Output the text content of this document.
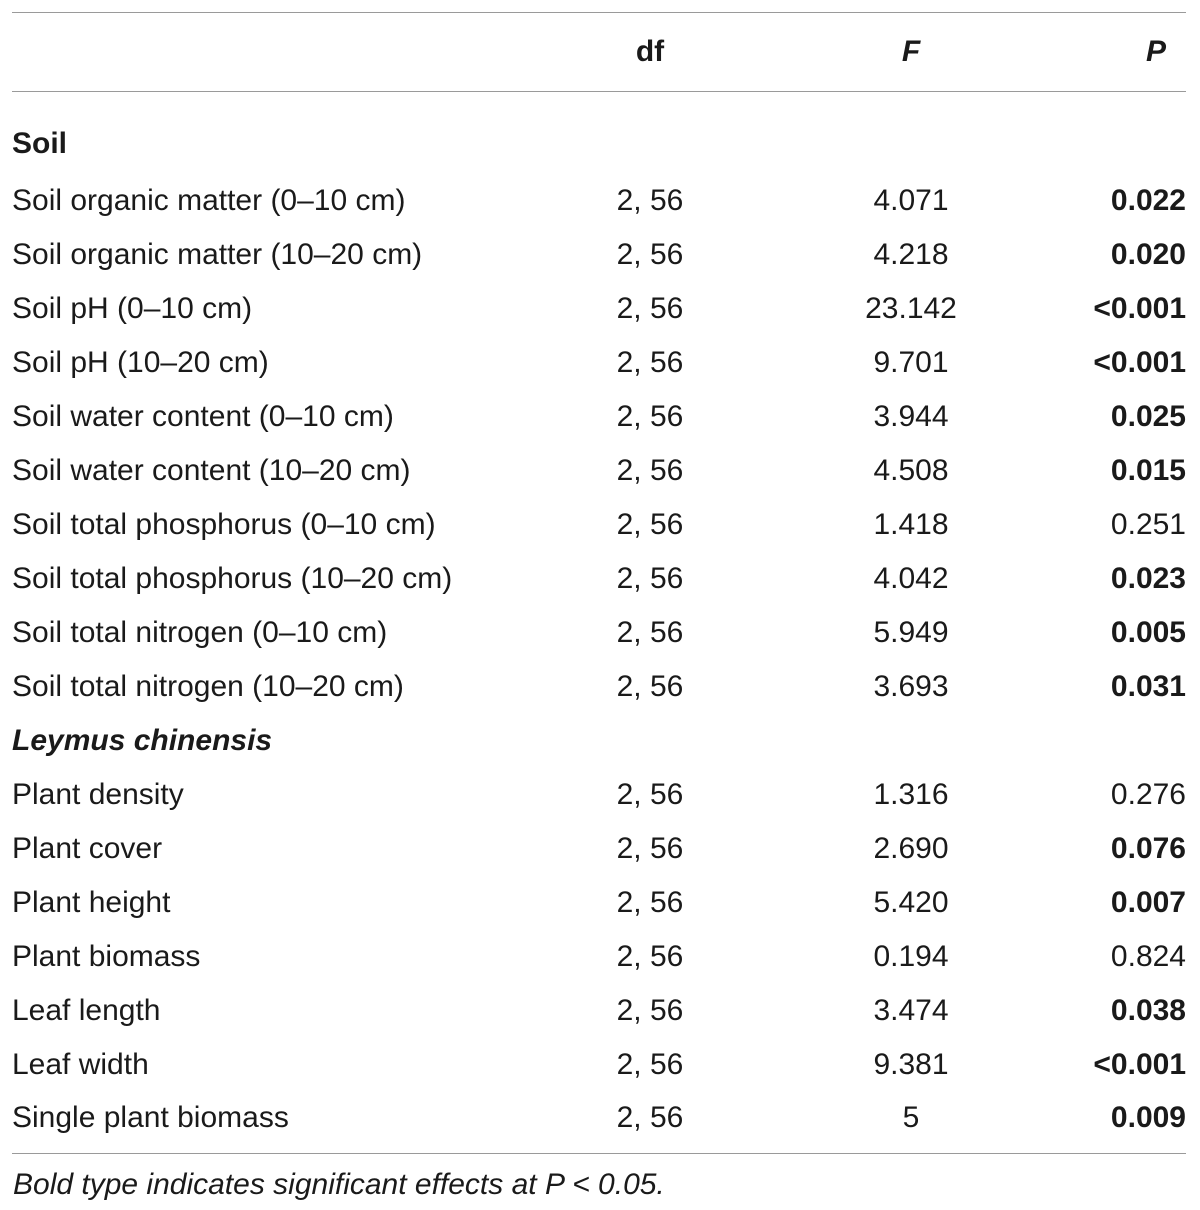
	df	F	P
Soil			
Soil organic matter (0–10 cm)	2, 56	4.071	0.022
Soil organic matter (10–20 cm)	2, 56	4.218	0.020
Soil pH (0–10 cm)	2, 56	23.142	<0.001
Soil pH (10–20 cm)	2, 56	9.701	<0.001
Soil water content (0–10 cm)	2, 56	3.944	0.025
Soil water content (10–20 cm)	2, 56	4.508	0.015
Soil total phosphorus (0–10 cm)	2, 56	1.418	0.251
Soil total phosphorus (10–20 cm)	2, 56	4.042	0.023
Soil total nitrogen (0–10 cm)	2, 56	5.949	0.005
Soil total nitrogen (10–20 cm)	2, 56	3.693	0.031
Leymus chinensis			
Plant density	2, 56	1.316	0.276
Plant cover	2, 56	2.690	0.076
Plant height	2, 56	5.420	0.007
Plant biomass	2, 56	0.194	0.824
Leaf length	2, 56	3.474	0.038
Leaf width	2, 56	9.381	<0.001
Single plant biomass	2, 56	5	0.009
Bold type indicates significant effects at P < 0.05.			
